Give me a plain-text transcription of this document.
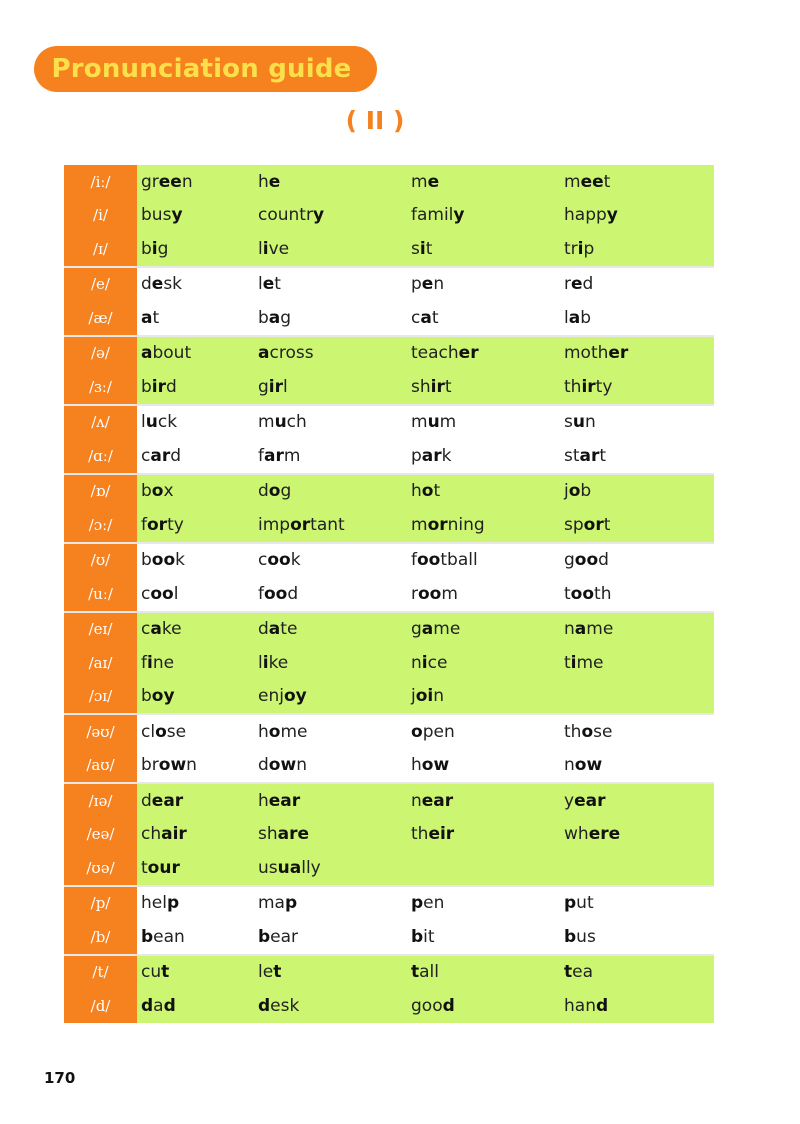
Pronunciation guide
( II )
/iː/	green	he	me	meet
/i/	busy	country	family	happy
/ɪ/	big	live	sit	trip
/e/	desk	let	pen	red
/æ/	at	bag	cat	lab
/ə/	about	across	teacher	mother
/ɜː/	bird	girl	shirt	thirty
/ʌ/	luck	much	mum	sun
/ɑː/	card	farm	park	start
/ɒ/	box	dog	hot	job
/ɔː/	forty	important	morning	sport
/ʊ/	book	cook	football	good
/uː/	cool	food	room	tooth
/eɪ/	cake	date	game	name
/aɪ/	fine	like	nice	time
/ɔɪ/	boy	enjoy	join
/əʊ/	close	home	open	those
/aʊ/	brown	down	how	now
/ɪə/	dear	hear	near	year
/eə/	chair	share	their	where
/ʊə/	tour	usually
/p/	help	map	pen	put
/b/	bean	bear	bit	bus
/t/	cut	let	tall	tea
/d/	dad	desk	good	hand
170
